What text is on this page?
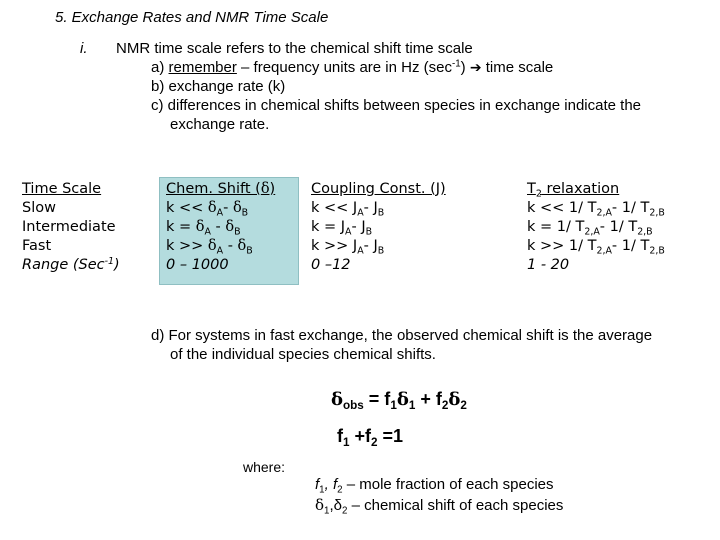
5. Exchange Rates and NMR Time Scale
i. NMR time scale refers to the chemical shift time scale
a) remember – frequency units are in Hz $(\sec^{-1})$ ➔ time scale
b) exchange rate (k)
c) differences in chemical shifts between species in exchange indicate the
exchange rate.
Time Scale
Slow
Intermediate
Fast
Range (Sec$^{-1}$)
Chem. Shift (δ)
$k << \delta_A-$ $\delta_B$
$k = \delta_A - \delta_B$
$k >> \delta_A - \delta_B$
0 – 1000
Coupling Const. (J)
$k << J_A-$ $J_B$
$k = J_A-$ $J_B$
$k >> J_A-$ $J_B$
0 –12
$T_2$ relaxation
k << 1/ $T_{2,A}-$ 1/ $T_{2,B}$
k = 1/ $T_{2,A}-$ 1/ $T_{2,B}$
k >> 1/ $T_{2,A}-$ 1/ $T_{2,B}$
1 - 20
d) For systems in fast exchange, the observed chemical shift is the average
of the individual species chemical shifts.
$\delta_{obs} = f_1\delta_1 + f_2\delta_2$
$f_1 +f_2 =1$
where:
$f_1$, $f_2$ – mole fraction of each species
$\delta_1,\delta_2$ – chemical shift of each species
